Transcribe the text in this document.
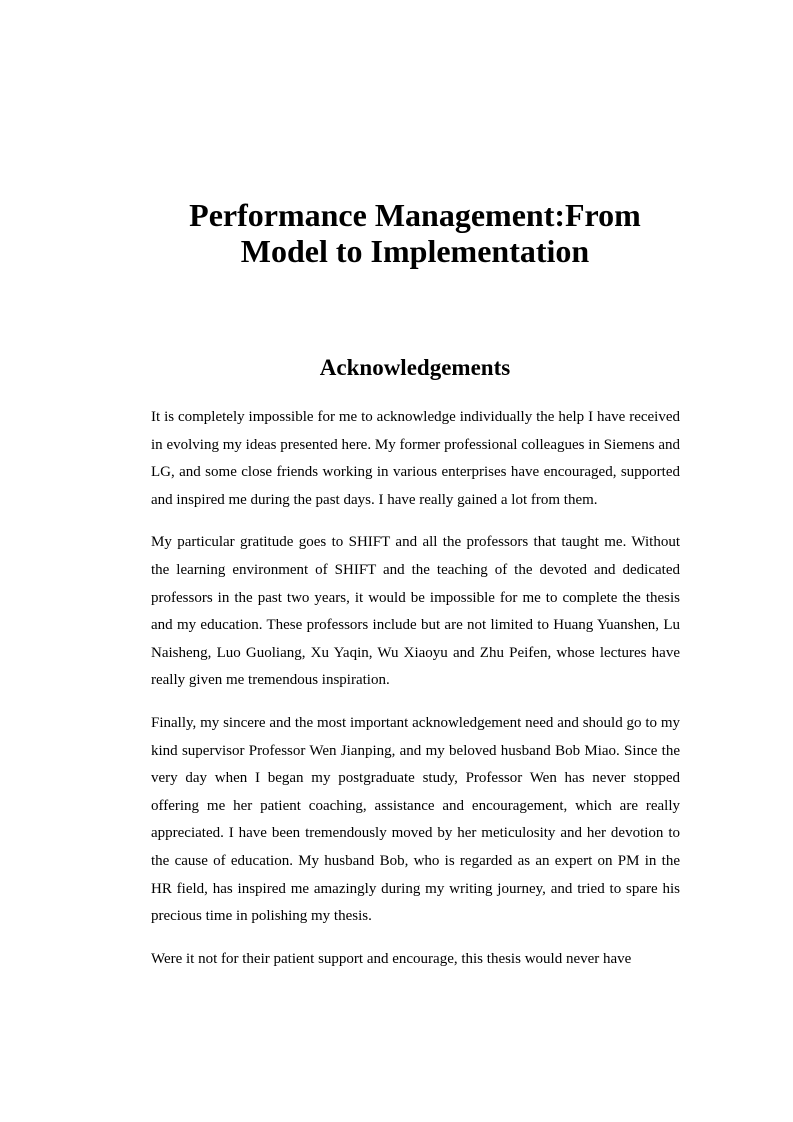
Performance Management:From
Model to Implementation
Acknowledgements

It is completely impossible for me to acknowledge individually the help I have received in evolving my ideas presented here. My former professional colleagues in Siemens and LG, and some close friends working in various enterprises have encouraged, supported and inspired me during the past days. I have really gained a lot from them.

My particular gratitude goes to SHIFT and all the professors that taught me. Without the learning environment of SHIFT and the teaching of the devoted and dedicated professors in the past two years, it would be impossible for me to complete the thesis and my education. These professors include but are not limited to Huang Yuanshen, Lu Naisheng, Luo Guoliang, Xu Yaqin, Wu Xiaoyu and Zhu Peifen, whose lectures have really given me tremendous inspiration.

Finally, my sincere and the most important acknowledgement need and should go to my kind supervisor Professor Wen Jianping, and my beloved husband Bob Miao. Since the very day when I began my postgraduate study, Professor Wen has never stopped offering me her patient coaching, assistance and encouragement, which are really appreciated. I have been tremendously moved by her meticulosity and her devotion to the cause of education. My husband Bob, who is regarded as an expert on PM in the HR field, has inspired me amazingly during my writing journey, and tried to spare his precious time in polishing my thesis.

Were it not for their patient support and encourage, this thesis would never have
